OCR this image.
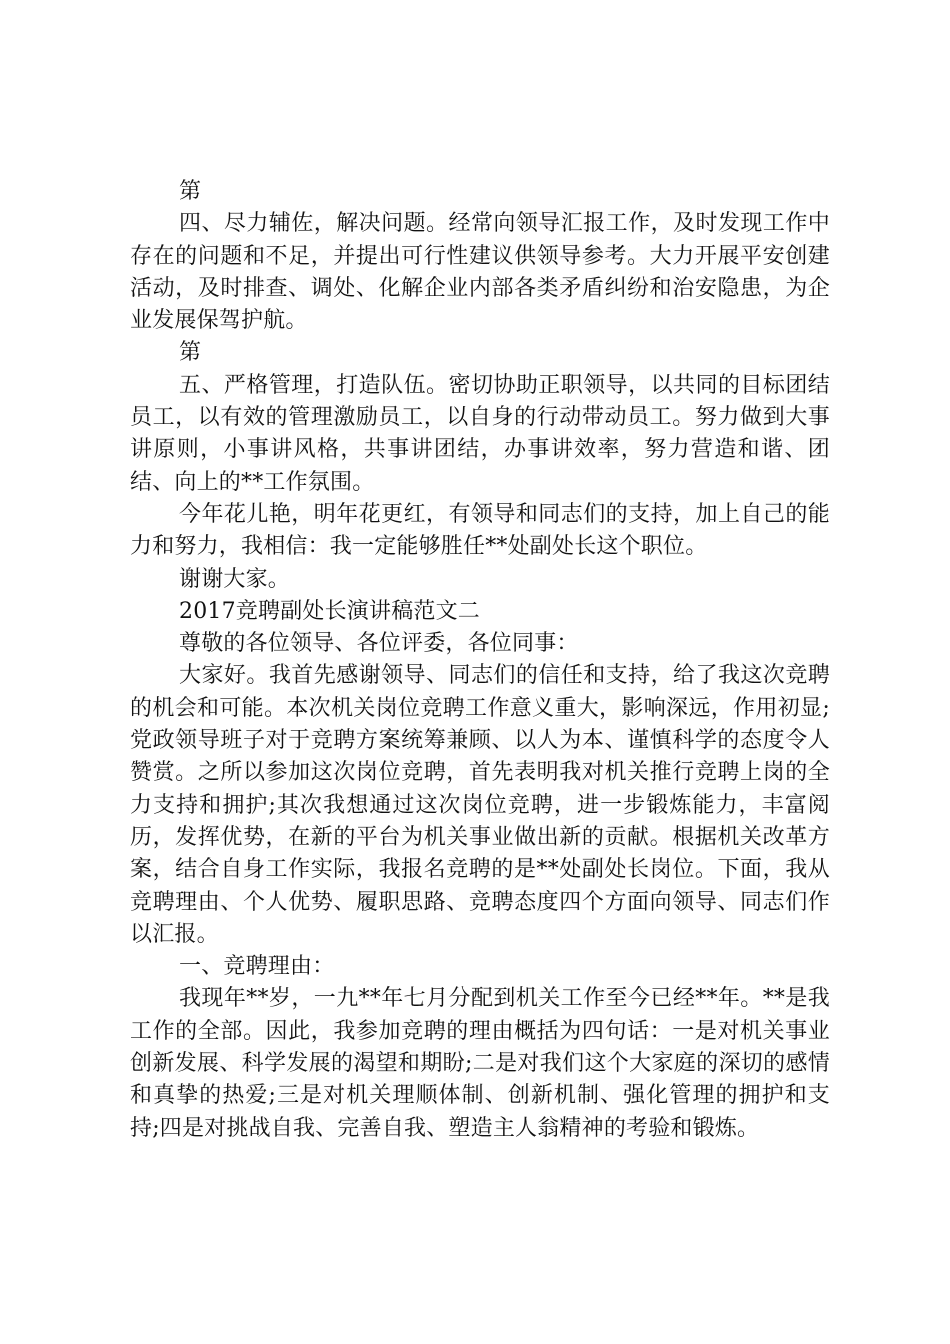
第

四、尽力辅佐，解决问题。经常向领导汇报工作，及时发现工作中存在的问题和不足，并提出可行性建议供领导参考。大力开展平安创建活动，及时排查、调处、化解企业内部各类矛盾纠纷和治安隐患，为企业发展保驾护航。

第

五、严格管理，打造队伍。密切协助正职领导，以共同的目标团结员工，以有效的管理激励员工，以自身的行动带动员工。努力做到大事讲原则，小事讲风格，共事讲团结，办事讲效率，努力营造和谐、团结、向上的**工作氛围。

今年花儿艳，明年花更红，有领导和同志们的支持，加上自己的能力和努力，我相信：我一定能够胜任**处副处长这个职位。

谢谢大家。

2017竞聘副处长演讲稿范文二

尊敬的各位领导、各位评委，各位同事：

大家好。我首先感谢领导、同志们的信任和支持，给了我这次竞聘的机会和可能。本次机关岗位竞聘工作意义重大，影响深远，作用初显;党政领导班子对于竞聘方案统筹兼顾、以人为本、谨慎科学的态度令人赞赏。之所以参加这次岗位竞聘，首先表明我对机关推行竞聘上岗的全力支持和拥护;其次我想通过这次岗位竞聘，进一步锻炼能力，丰富阅历，发挥优势，在新的平台为机关事业做出新的贡献。根据机关改革方案，结合自身工作实际，我报名竞聘的是**处副处长岗位。下面，我从竞聘理由、个人优势、履职思路、竞聘态度四个方面向领导、同志们作以汇报。

一、竞聘理由：

我现年**岁，一九**年七月分配到机关工作至今已经**年。**是我工作的全部。因此，我参加竞聘的理由概括为四句话：一是对机关事业创新发展、科学发展的渴望和期盼;二是对我们这个大家庭的深切的感情和真挚的热爱;三是对机关理顺体制、创新机制、强化管理的拥护和支持;四是对挑战自我、完善自我、塑造主人翁精神的考验和锻炼。
